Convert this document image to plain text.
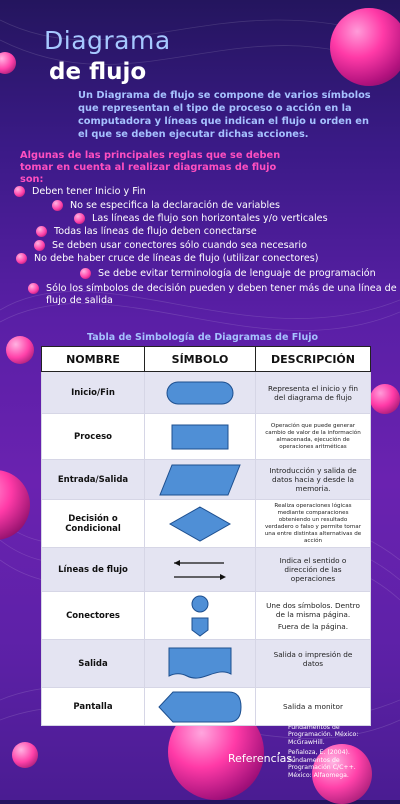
Diagrama
de flujo
Un Diagrama de flujo se compone de varios símbolos que representan el tipo de proceso o acción en la computadora y líneas que indican el flujo u orden en el que se deben ejecutar dichas acciones.
Algunas de las principales reglas que se deben tomar en cuenta al realizar diagramas de flujo son:
Deben tener Inicio y Fin
No se especifica la declaración de variables
Las líneas de flujo son horizontales y/o verticales
Todas las líneas de flujo deben conectarse
Se deben usar conectores sólo cuando sea necesario
No debe haber cruce de líneas de flujo (utilizar conectores)
Se debe evitar terminología de lenguaje de programación
Sólo los símbolos de decisión pueden y deben tener más de una línea de flujo de salida
Tabla de Simbología de Diagramas de Flujo
NOMBRE	SÍMBOLO	DESCRIPCIÓN
Inicio/Fin		Representa el inicio y fin del diagrama de flujo
Proceso		Operación que puede generar cambio de valor de la información almacenada, ejecución de operaciones aritméticas
Entrada/Salida		Introducción y salida de datos hacia y desde la memoria.
Decisión o Condicional		Realiza operaciones lógicas mediante comparaciones obteniendo un resultado verdadero o falso y permite tomar una entre distintas alternativas de acción
Líneas de flujo		Indica el sentido o dirección de las operaciones
Conectores		Une dos símbolos. Dentro de la misma página.
Fuera de la página.

Salida		Salida o impresión de datos
Pantalla		Salida a monitor
Referencias:
• Joyanes, L. (2020). Fundamentos de Programación. México: McGrawHill.
• Peñaloza, E. (2004). Fundamentos de Programación C/C++. México: Alfaomega.
